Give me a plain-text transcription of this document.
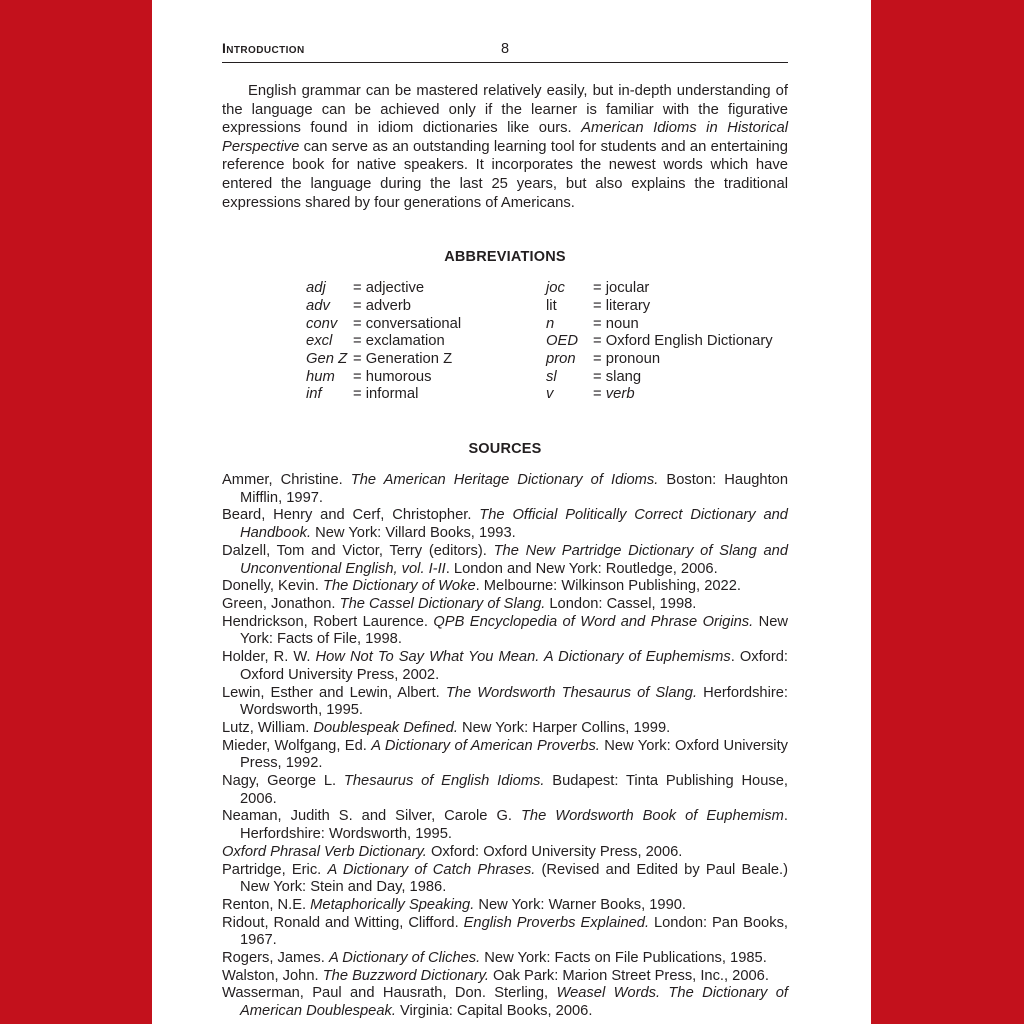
Introduction	8

English grammar can be mastered relatively easily, but in-depth understanding of the language can be achieved only if the learner is familiar with the figurative expressions found in idiom dictionaries like ours. American Idioms in Historical Perspective can serve as an outstanding learning tool for students and an entertaining reference book for native speakers. It incorporates the newest words which have entered the language during the last 25 years, but also explains the traditional expressions shared by four generations of Americans.

ABBREVIATIONS
adj	= adjective
adv	= adverb
conv	= conversational
excl	= exclamation
Gen Z = Generation Z
hum	= humorous
inf	= informal
joc	= jocular
lit	= literary
n	= noun
OED	= Oxford English Dictionary
pron	= pronoun
sl	= slang
v	= verb
SOURCES

Ammer, Christine. The American Heritage Dictionary of Idioms. Boston: Haughton Mifflin, 1997.

Beard, Henry and Cerf, Christopher. The Official Politically Correct Dictionary and Handbook. New York: Villard Books, 1993.

Dalzell, Tom and Victor, Terry (editors). The New Partridge Dictionary of Slang and Unconventional English, vol. I-II. London and New York: Routledge, 2006.

Donelly, Kevin. The Dictionary of Woke. Melbourne: Wilkinson Publishing, 2022.

Green, Jonathon. The Cassel Dictionary of Slang. London: Cassel, 1998.

Hendrickson, Robert Laurence. QPB Encyclopedia of Word and Phrase Origins. New York: Facts of File, 1998.

Holder, R. W. How Not To Say What You Mean. A Dictionary of Euphemisms. Oxford: Oxford University Press, 2002.

Lewin, Esther and Lewin, Albert. The Wordsworth Thesaurus of Slang. Herfordshire: Wordsworth, 1995.

Lutz, William. Doublespeak Defined. New York: Harper Collins, 1999.

Mieder, Wolfgang, Ed. A Dictionary of American Proverbs. New York: Oxford University Press, 1992.

Nagy, George L. Thesaurus of English Idioms. Budapest: Tinta Publishing House, 2006.

Neaman, Judith S. and Silver, Carole G. The Wordsworth Book of Euphemism. Herfordshire: Wordsworth, 1995.

Oxford Phrasal Verb Dictionary. Oxford: Oxford University Press, 2006.

Partridge, Eric. A Dictionary of Catch Phrases. (Revised and Edited by Paul Beale.) New York: Stein and Day, 1986.

Renton, N.E. Metaphorically Speaking. New York: Warner Books, 1990.

Ridout, Ronald and Witting, Clifford. English Proverbs Explained. London: Pan Books, 1967.

Rogers, James. A Dictionary of Cliches. New York: Facts on File Publications, 1985.

Walston, John. The Buzzword Dictionary. Oak Park: Marion Street Press, Inc., 2006.

Wasserman, Paul and Hausrath, Don. Sterling, Weasel Words. The Dictionary of American Doublespeak. Virginia: Capital Books, 2006.
